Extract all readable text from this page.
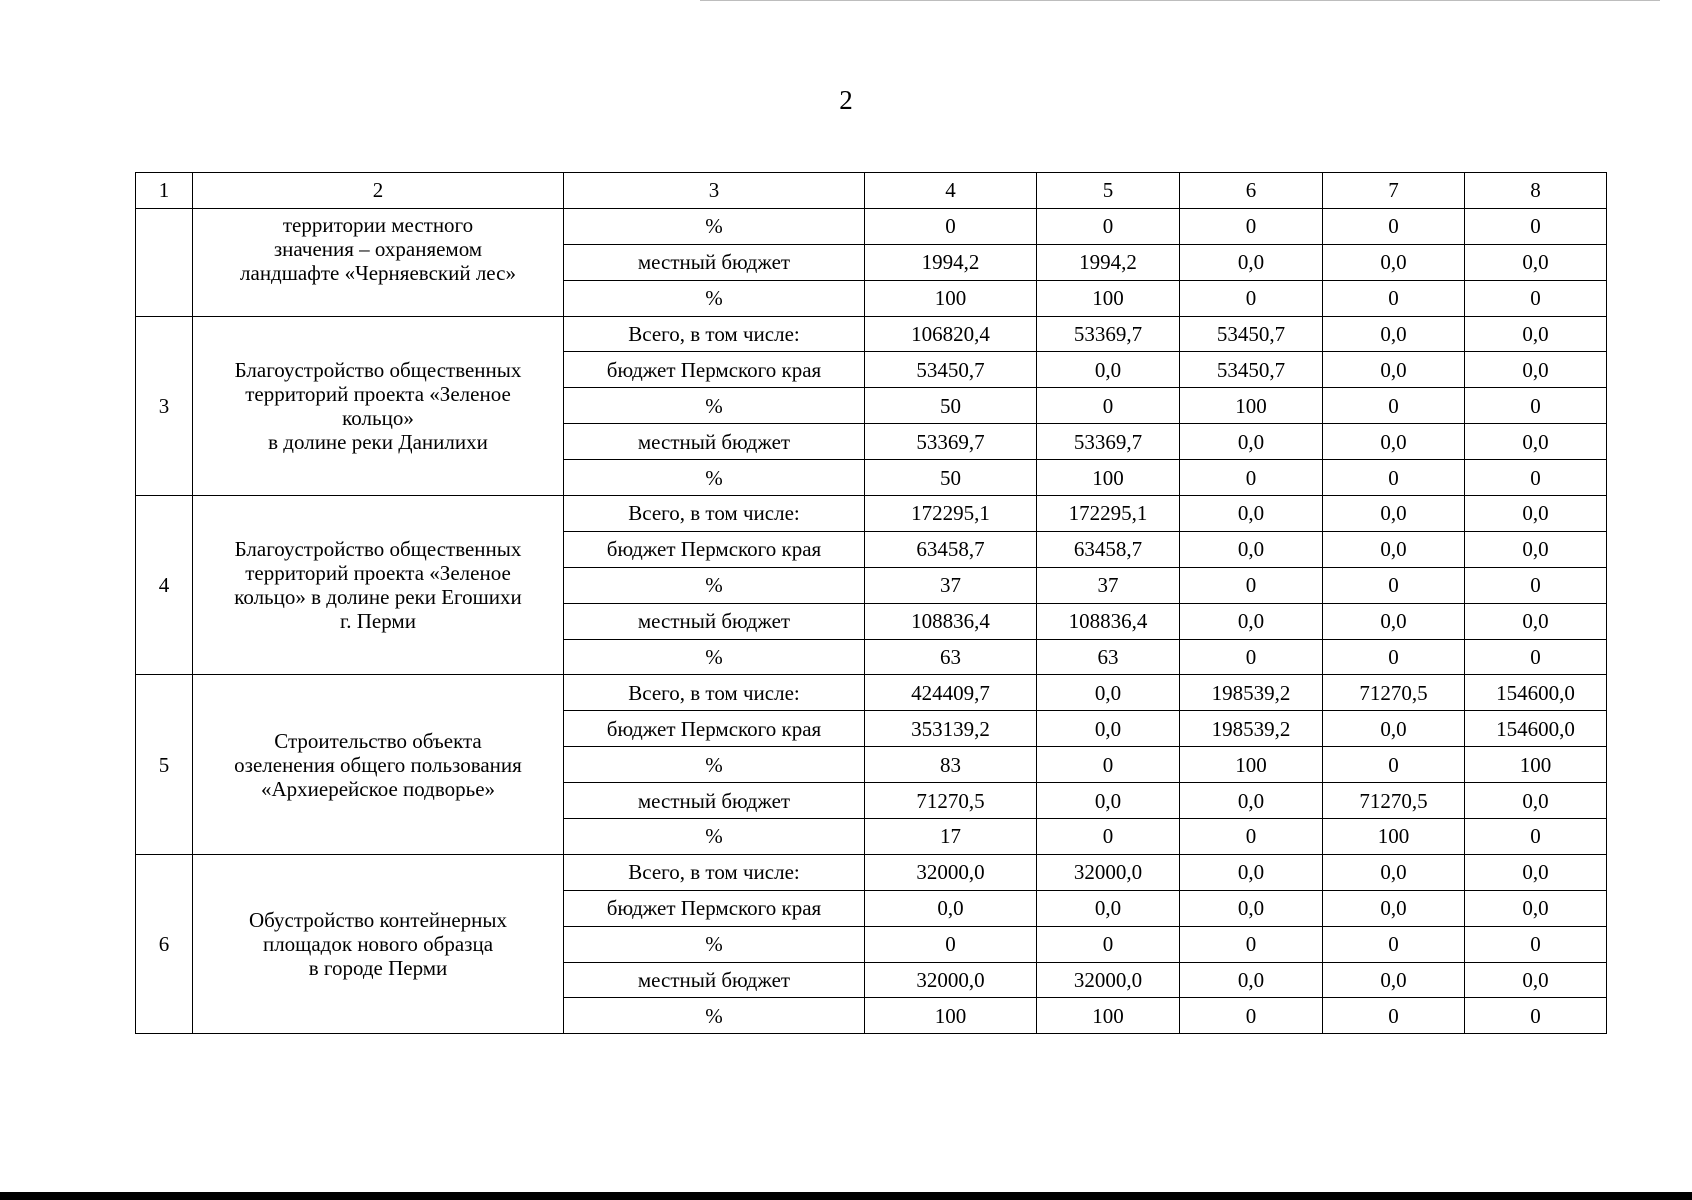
2
1	2	3	4	5	6	7	8

	территории местного
значения – охраняемом
ландшафте «Черняевский лес»	%	0	0	0	0	0
		местный бюджет	1994,2	1994,2	0,0	0,0	0,0
		%	100	100	0	0	0
3	Благоустройство общественных
территорий проекта «Зеленое
кольцо»
в долине реки Данилихи	Всего, в том числе:	106820,4	53369,7	53450,7	0,0	0,0
		бюджет Пермского края	53450,7	0,0	53450,7	0,0	0,0
		%	50	0	100	0	0
		местный бюджет	53369,7	53369,7	0,0	0,0	0,0
		%	50	100	0	0	0
4	Благоустройство общественных
территорий проекта «Зеленое
кольцо» в долине реки Егошихи
г. Перми	Всего, в том числе:	172295,1	172295,1	0,0	0,0	0,0
		бюджет Пермского края	63458,7	63458,7	0,0	0,0	0,0
		%	37	37	0	0	0
		местный бюджет	108836,4	108836,4	0,0	0,0	0,0
		%	63	63	0	0	0
5	Строительство объекта
озеленения общего пользования
«Архиерейское подворье»	Всего, в том числе:	424409,7	0,0	198539,2	71270,5	154600,0
		бюджет Пермского края	353139,2	0,0	198539,2	0,0	154600,0
		%	83	0	100	0	100
		местный бюджет	71270,5	0,0	0,0	71270,5	0,0
		%	17	0	0	100	0
6	Обустройство контейнерных
площадок нового образца
в городе Перми	Всего, в том числе:	32000,0	32000,0	0,0	0,0	0,0
		бюджет Пермского края	0,0	0,0	0,0	0,0	0,0
		%	0	0	0	0	0
		местный бюджет	32000,0	32000,0	0,0	0,0	0,0
		%	100	100	0	0	0
